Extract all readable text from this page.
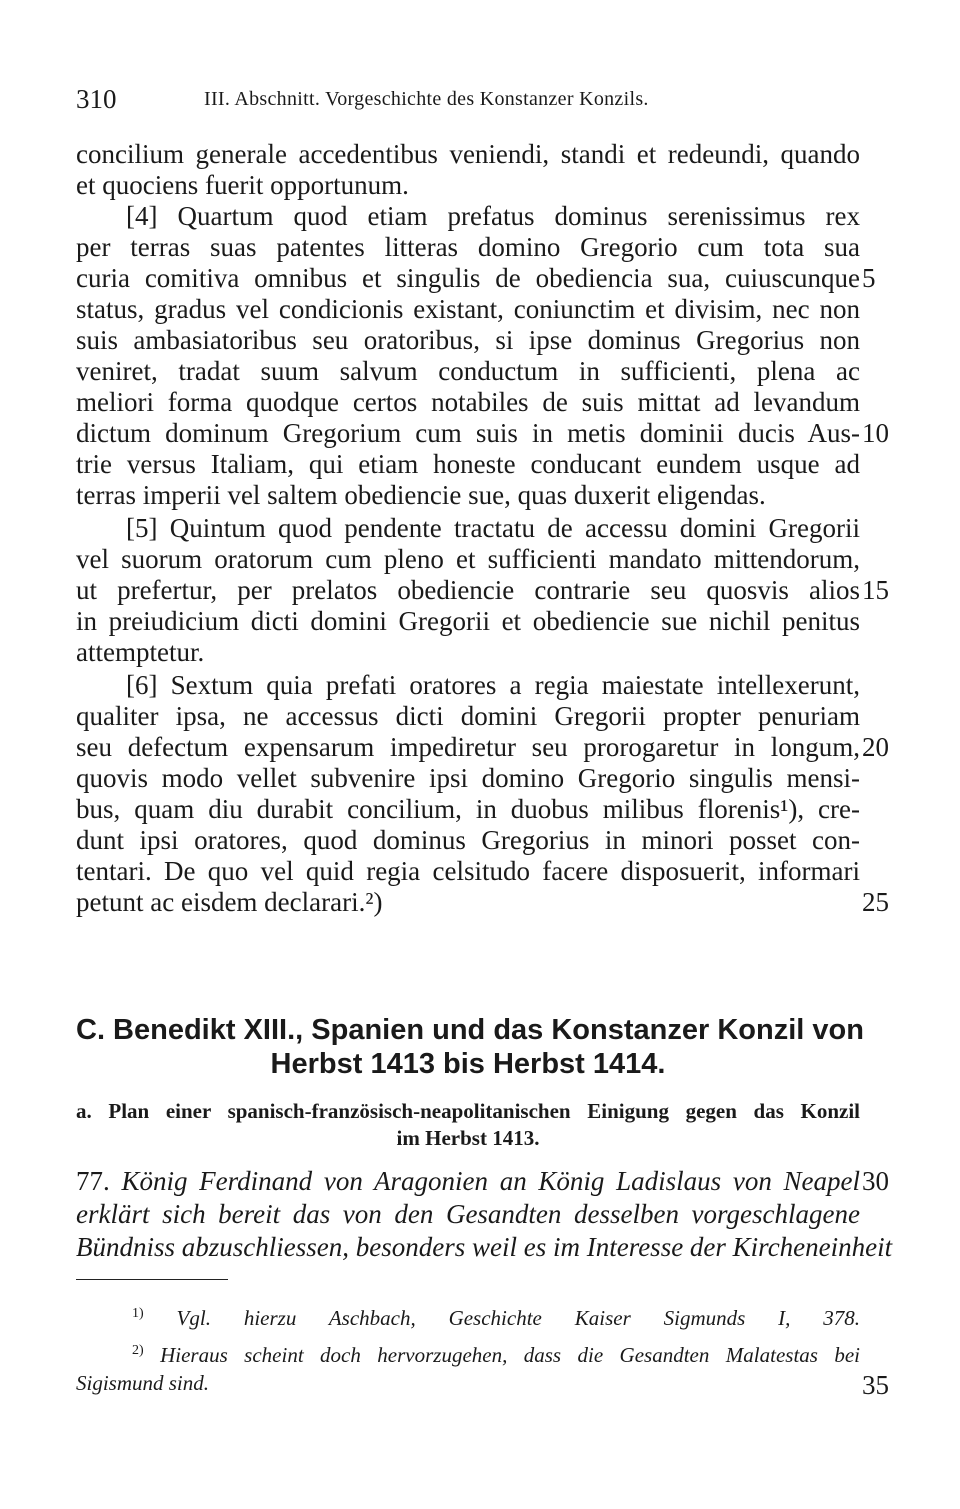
310	III. Abschnitt. Vorgeschichte des Konstanzer Konzils.
concilium generale accedentibus veniendi, standi et redeundi, quando
et quociens fuerit opportunum.
[4] Quartum quod etiam prefatus dominus serenissimus rex
per terras suas patentes litteras domino Gregorio cum tota sua
curia comitiva omnibus et singulis de obediencia sua, cuiuscunque 5
status, gradus vel condicionis existant, coniunctim et divisim, nec non
suis ambasiatoribus seu oratoribus, si ipse dominus Gregorius non
veniret, tradat suum salvum conductum in sufficienti, plena ac
meliori forma quodque certos notabiles de suis mittat ad levandum
dictum dominum Gregorium cum suis in metis dominii ducis Aus- 10
trie versus Italiam, qui etiam honeste conducant eundem usque ad
terras imperii vel saltem obediencie sue, quas duxerit eligendas.
[5] Quintum quod pendente tractatu de accessu domini Gregorii
vel suorum oratorum cum pleno et sufficienti mandato mittendorum,
ut prefertur, per prelatos obediencie contrarie seu quosvis alios 15
in preiudicium dicti domini Gregorii et obediencie sue nichil penitus
attemptetur.
[6] Sextum quia prefati oratores a regia maiestate intellexerunt,
qualiter ipsa, ne accessus dicti domini Gregorii propter penuriam
seu defectum expensarum impediretur seu prorogaretur in longum, 20
quovis modo vellet subvenire ipsi domino Gregorio singulis mensi-
bus, quam diu durabit concilium, in duobus milibus florenis¹), cre-
dunt ipsi oratores, quod dominus Gregorius in minori posset con-
tentari. De quo vel quid regia celsitudo facere disposuerit, informari
petunt ac eisdem declarari.²)	25
C. Benedikt XIII., Spanien und das Konstanzer Konzil von
Herbst 1413 bis Herbst 1414.
a. Plan einer spanisch-französisch-neapolitanischen Einigung gegen das Konzil
im Herbst 1413.
77. König Ferdinand von Aragonien an König Ladislaus von Neapel 30
erklärt sich bereit das von den Gesandten desselben vorgeschlagene
Bündniss abzuschliessen, besonders weil es im Interesse der Kircheneinheit
$^{1)}$ Vgl. hierzu Aschbach, Geschichte Kaiser Sigmunds I, 378.
$^{2)}$ Hieraus scheint doch hervorzugehen, dass die Gesandten Malatestas bei
Sigismund sind.	35
